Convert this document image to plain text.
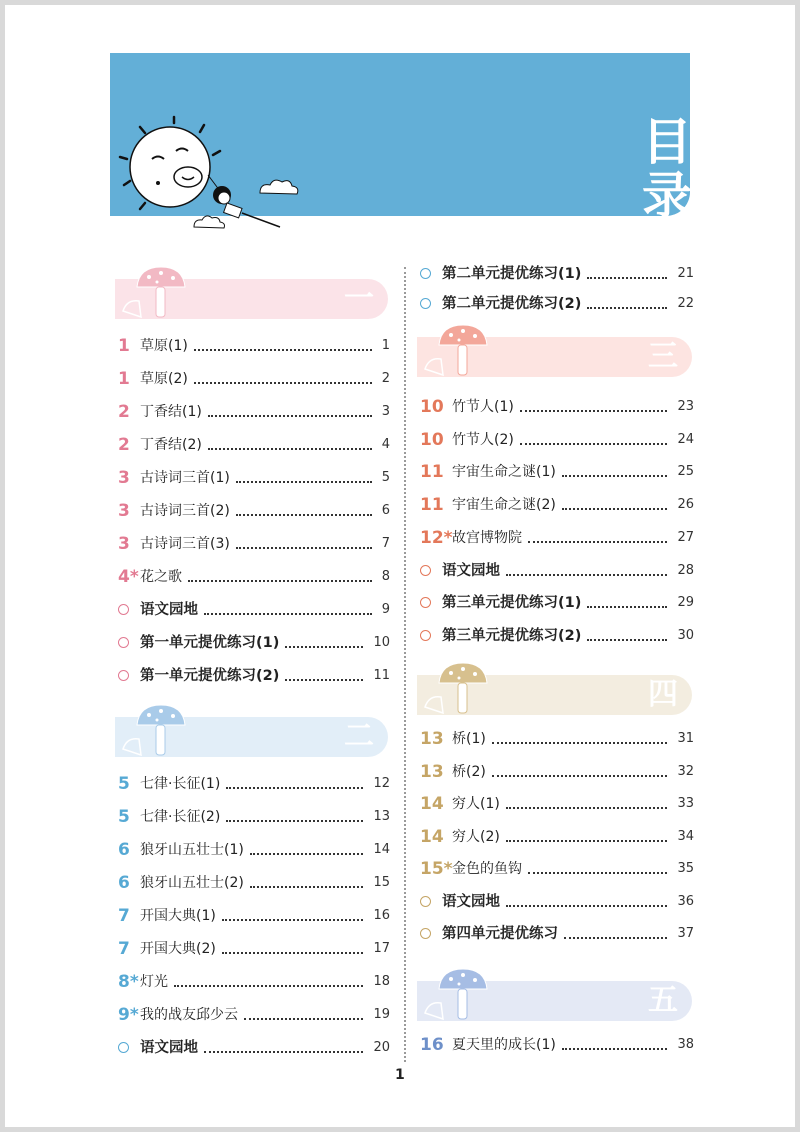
目
录
一
1 草原(1)	1
1 草原(2)	2
2 丁香结(1)	3
2 丁香结(2)	4
3 古诗词三首(1)	5
3 古诗词三首(2)	6
3 古诗词三首(3)	7
4* 花之歌	8
语文园地	9
第一单元提优练习(1)	10
第一单元提优练习(2)	11
二
5 七律·长征(1)	12
5 七律·长征(2)	13
6 狼牙山五壮士(1)	14
6 狼牙山五壮士(2)	15
7 开国大典(1)	16
7 开国大典(2)	17
8* 灯光	18
9* 我的战友邱少云	19
语文园地	20
第二单元提优练习(1)	21
第二单元提优练习(2)	22
三
10 竹节人(1)	23
10 竹节人(2)	24
11 宇宙生命之谜(1)	25
11 宇宙生命之谜(2)	26
12* 故宫博物院	27
语文园地	28
第三单元提优练习(1)	29
第三单元提优练习(2)	30
四
13 桥(1)	31
13 桥(2)	32
14 穷人(1)	33
14 穷人(2)	34
15* 金色的鱼钩	35
语文园地	36
第四单元提优练习	37
五
16 夏天里的成长(1)	38
1
